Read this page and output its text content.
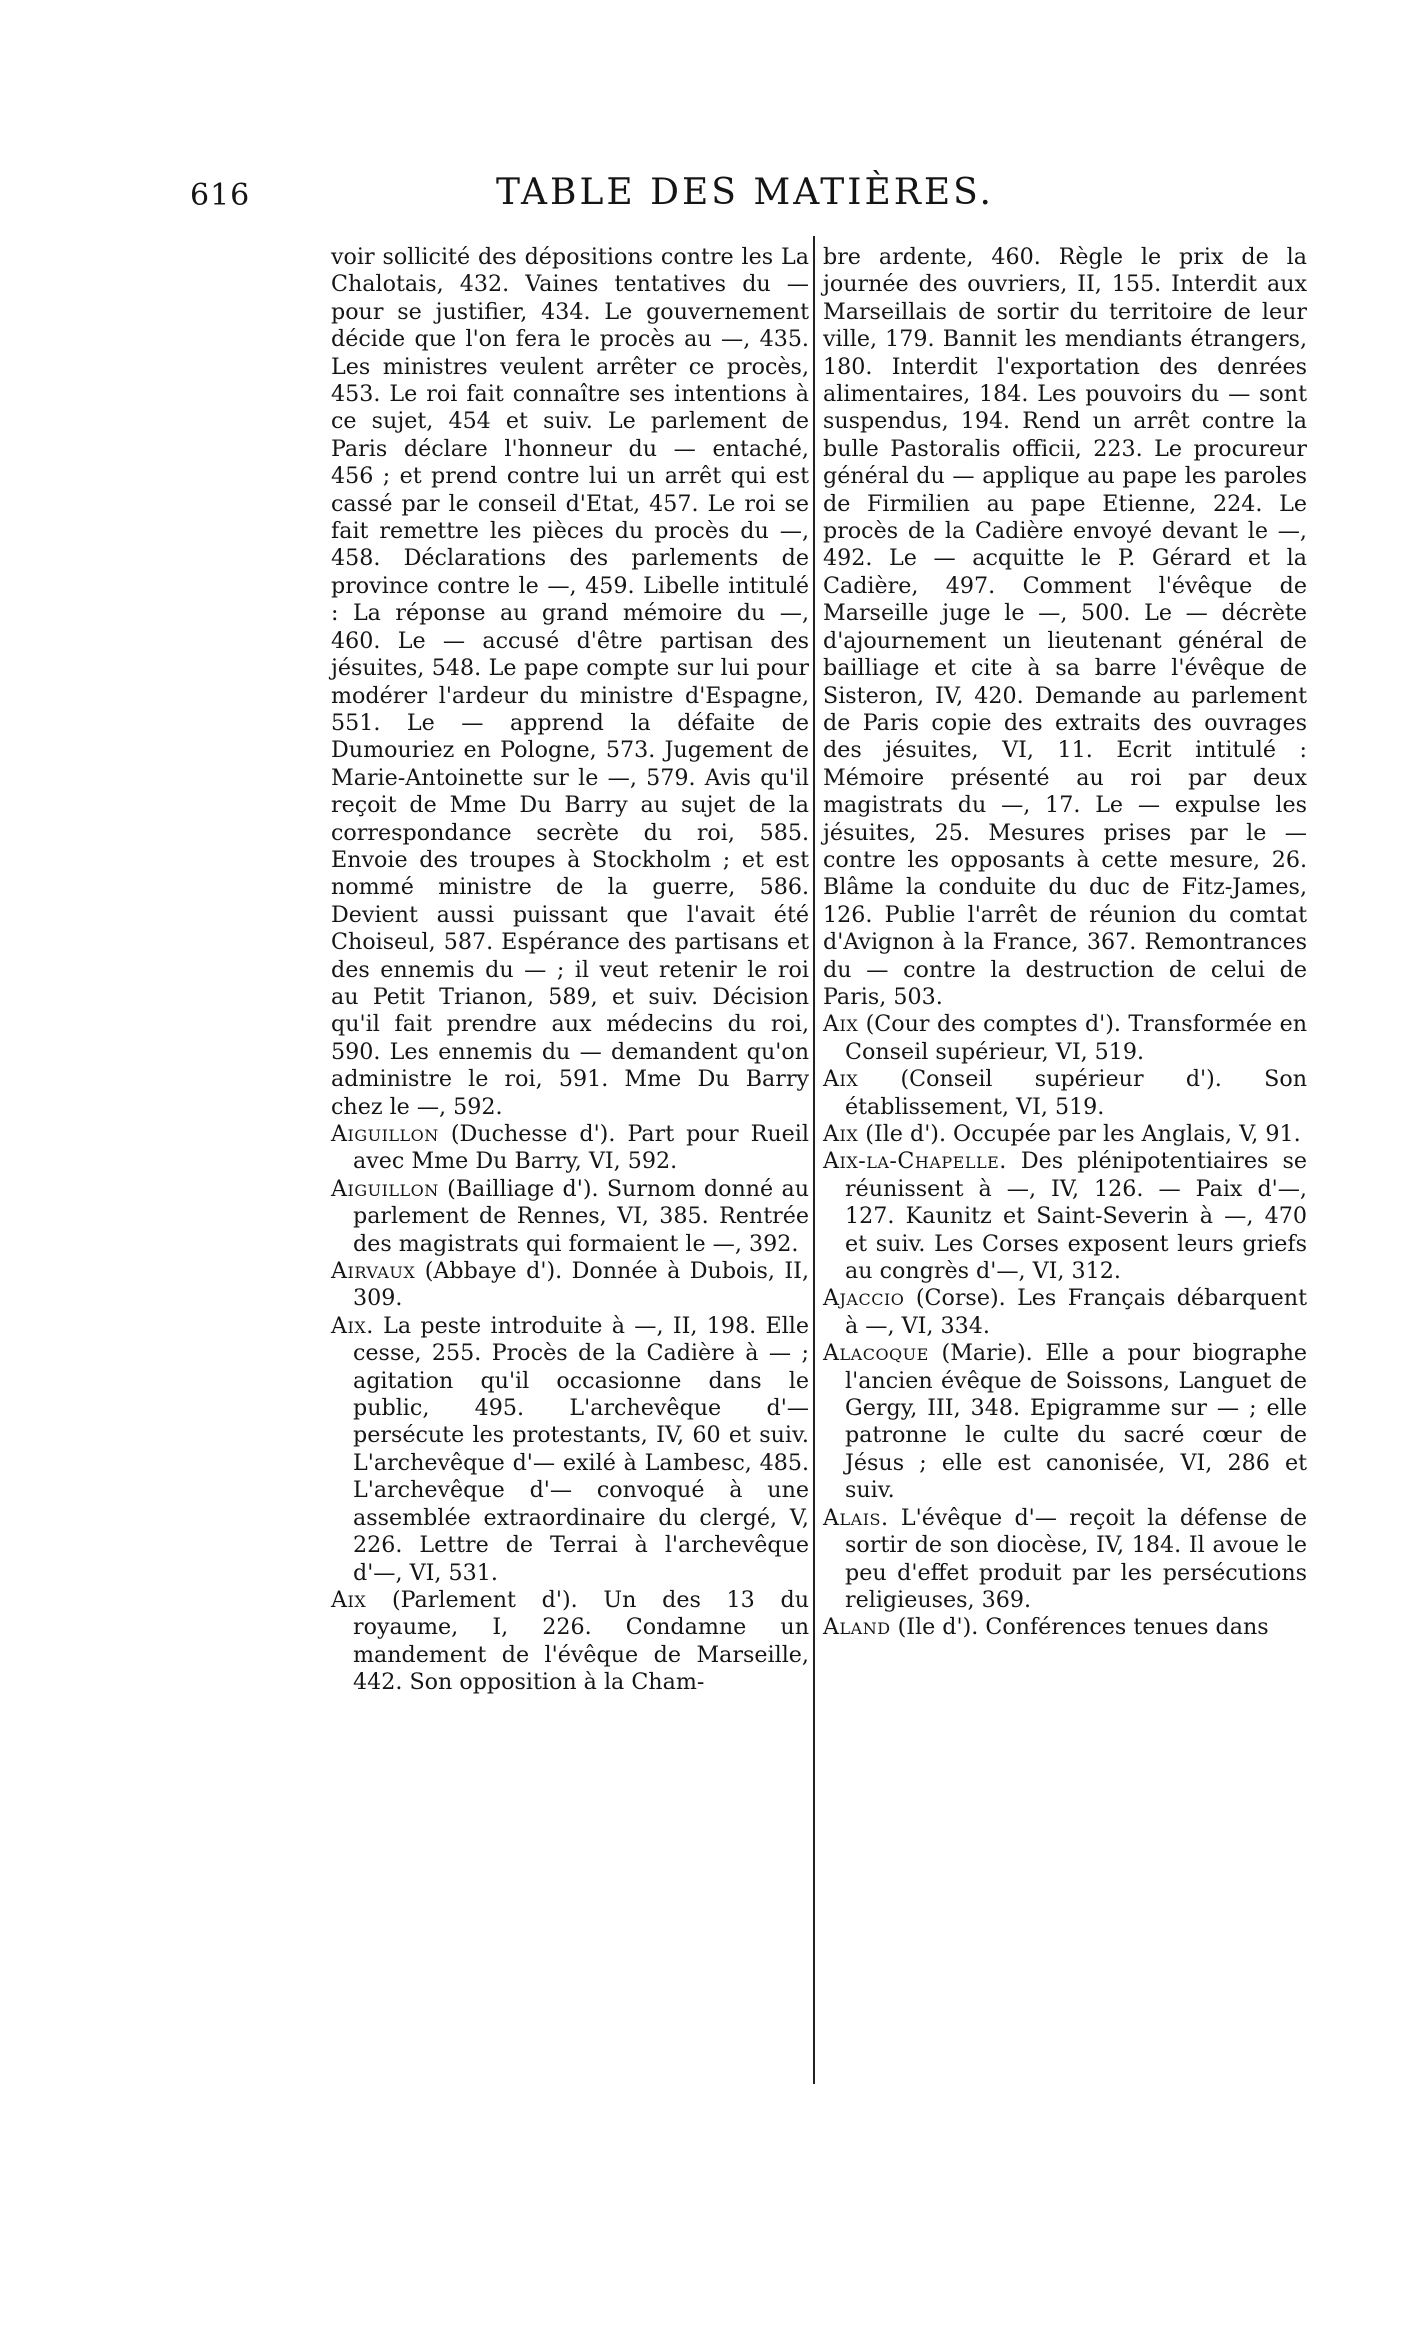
616	TABLE DES MATIÈRES.

voir sollicité des dépositions contre les La Chalotais, 432. Vaines tentatives du — pour se justifier, 434. Le gouvernement décide que l'on fera le procès au —, 435. Les ministres veulent arrêter ce procès, 453. Le roi fait connaître ses intentions à ce sujet, 454 et suiv. Le parlement de Paris déclare l'honneur du — entaché, 456 ; et prend contre lui un arrêt qui est cassé par le conseil d'Etat, 457. Le roi se fait remettre les pièces du procès du —, 458. Déclarations des parlements de province contre le —, 459. Libelle intitulé : La réponse au grand mémoire du —, 460. Le — accusé d'être partisan des jésuites, 548. Le pape compte sur lui pour modérer l'ardeur du ministre d'Espagne, 551. Le — apprend la défaite de Dumouriez en Pologne, 573. Jugement de Marie-Antoinette sur le —, 579. Avis qu'il reçoit de Mme Du Barry au sujet de la correspondance secrète du roi, 585. Envoie des troupes à Stockholm ; et est nommé ministre de la guerre, 586. Devient aussi puissant que l'avait été Choiseul, 587. Espérance des partisans et des ennemis du — ; il veut retenir le roi au Petit Trianon, 589, et suiv. Décision qu'il fait prendre aux médecins du roi, 590. Les ennemis du — demandent qu'on administre le roi, 591. Mme Du Barry chez le —, 592.

Aiguillon (Duchesse d'). Part pour Rueil avec Mme Du Barry, VI, 592.

Aiguillon (Bailliage d'). Surnom donné au parlement de Rennes, VI, 385. Rentrée des magistrats qui formaient le —, 392.

Airvaux (Abbaye d'). Donnée à Dubois, II, 309.

Aix. La peste introduite à —, II, 198. Elle cesse, 255. Procès de la Cadière à — ; agitation qu'il occasionne dans le public, 495. L'archevêque d'— persécute les protestants, IV, 60 et suiv. L'archevêque d'— exilé à Lambesc, 485. L'archevêque d'— convoqué à une assemblée extraordinaire du clergé, V, 226. Lettre de Terrai à l'archevêque d'—, VI, 531.

Aix (Parlement d'). Un des 13 du royaume, I, 226. Condamne un mandement de l'évêque de Marseille, 442. Son opposition à la Cham-

bre ardente, 460. Règle le prix de la journée des ouvriers, II, 155. Interdit aux Marseillais de sortir du territoire de leur ville, 179. Bannit les mendiants étrangers, 180. Interdit l'exportation des denrées alimentaires, 184. Les pouvoirs du — sont suspendus, 194. Rend un arrêt contre la bulle Pastoralis officii, 223. Le procureur général du — applique au pape les paroles de Firmilien au pape Etienne, 224. Le procès de la Cadière envoyé devant le —, 492. Le — acquitte le P. Gérard et la Cadière, 497. Comment l'évêque de Marseille juge le —, 500. Le — décrète d'ajournement un lieutenant général de bailliage et cite à sa barre l'évêque de Sisteron, IV, 420. Demande au parlement de Paris copie des extraits des ouvrages des jésuites, VI, 11. Ecrit intitulé : Mémoire présenté au roi par deux magistrats du —, 17. Le — expulse les jésuites, 25. Mesures prises par le — contre les opposants à cette mesure, 26. Blâme la conduite du duc de Fitz-James, 126. Publie l'arrêt de réunion du comtat d'Avignon à la France, 367. Remontrances du — contre la destruction de celui de Paris, 503.

Aix (Cour des comptes d'). Transformée en Conseil supérieur, VI, 519.

Aix (Conseil supérieur d'). Son établissement, VI, 519.

Aix (Ile d'). Occupée par les Anglais, V, 91.

Aix-la-Chapelle. Des plénipotentiaires se réunissent à —, IV, 126. — Paix d'—, 127. Kaunitz et Saint-Severin à —, 470 et suiv. Les Corses exposent leurs griefs au congrès d'—, VI, 312.

Ajaccio (Corse). Les Français débarquent à —, VI, 334.

Alacoque (Marie). Elle a pour biographe l'ancien évêque de Soissons, Languet de Gergy, III, 348. Epigramme sur — ; elle patronne le culte du sacré cœur de Jésus ; elle est canonisée, VI, 286 et suiv.

Alais. L'évêque d'— reçoit la défense de sortir de son diocèse, IV, 184. Il avoue le peu d'effet produit par les persécutions religieuses, 369.

Aland (Ile d'). Conférences tenues dans
